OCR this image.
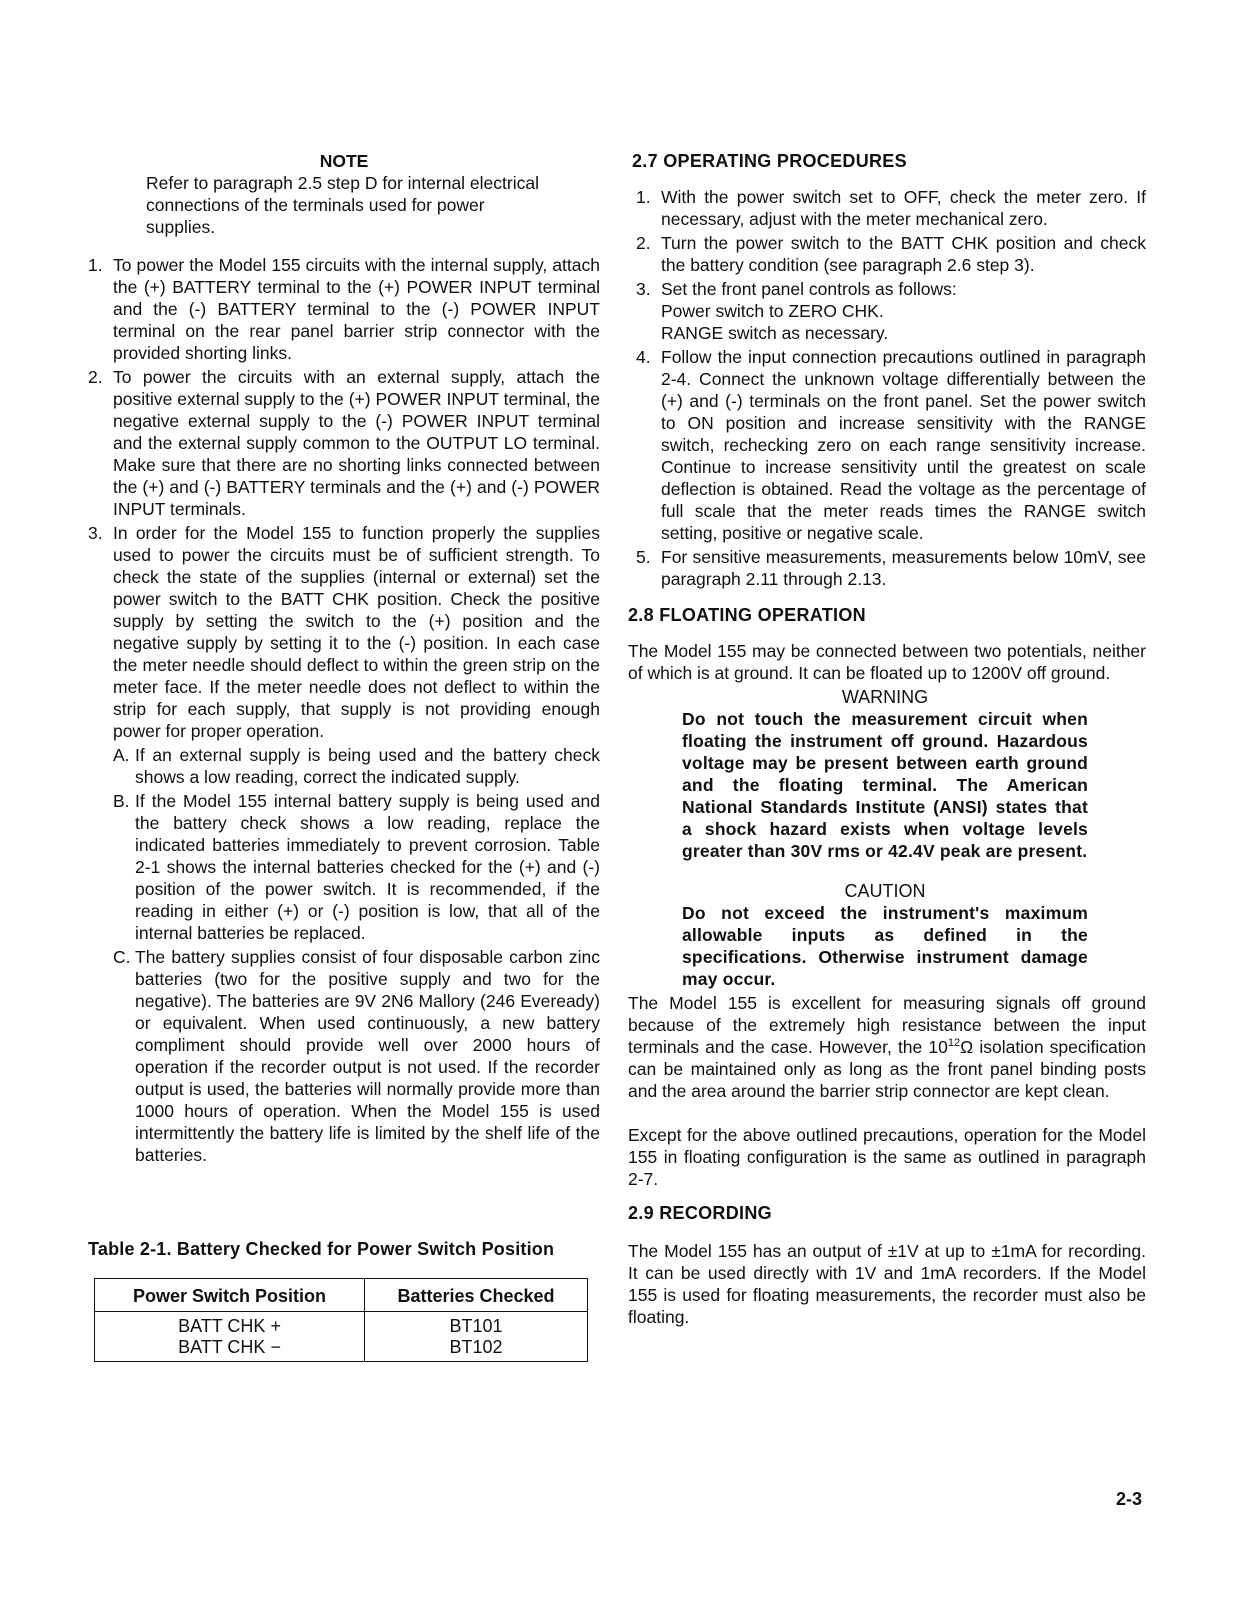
NOTE

Refer to paragraph 2.5 step D for internal electrical connections of the terminals used for power supplies.

1. To power the Model 155 circuits with the internal supply, attach the (+) BATTERY terminal to the (+) POWER INPUT terminal and the (-) BATTERY terminal to the (-) POWER INPUT terminal on the rear panel barrier strip connector with the provided shorting links.
2. To power the circuits with an external supply, attach the positive external supply to the (+) POWER INPUT terminal, the negative external supply to the (-) POWER INPUT terminal and the external supply common to the OUTPUT LO terminal. Make sure that there are no shorting links connected between the (+) and (-) BATTERY terminals and the (+) and (-) POWER INPUT terminals.
3. In order for the Model 155 to function properly the supplies used to power the circuits must be of sufficient strength. To check the state of the supplies (internal or external) set the power switch to the BATT CHK position. Check the positive supply by setting the switch to the (+) position and the negative supply by setting it to the (-) position. In each case the meter needle should deflect to within the green strip on the meter face. If the meter needle does not deflect to within the strip for each supply, that supply is not providing enough power for proper operation.
A. If an external supply is being used and the battery check shows a low reading, correct the indicated supply.
B. If the Model 155 internal battery supply is being used and the battery check shows a low reading, replace the indicated batteries immediately to prevent corrosion. Table 2-1 shows the internal batteries checked for the (+) and (-) position of the power switch. It is recommended, if the reading in either (+) or (-) position is low, that all of the internal batteries be replaced.
C. The battery supplies consist of four disposable carbon zinc batteries (two for the positive supply and two for the negative). The batteries are 9V 2N6 Mallory (246 Eveready) or equivalent. When used continuously, a new battery compliment should provide well over 2000 hours of operation if the recorder output is not used. If the recorder output is used, the batteries will normally provide more than 1000 hours of operation. When the Model 155 is used intermittently the battery life is limited by the shelf life of the batteries.

Table 2-1. Battery Checked for Power Switch Position

Power Switch Position	Batteries Checked
BATT CHK +	BT101
BATT CHK −	BT102
2.7 OPERATING PROCEDURES
1. With the power switch set to OFF, check the meter zero. If necessary, adjust with the meter mechanical zero.
2. Turn the power switch to the BATT CHK position and check the battery condition (see paragraph 2.6 step 3).
3. Set the front panel controls as follows:
Power switch to ZERO CHK.
RANGE switch as necessary.
4. Follow the input connection precautions outlined in paragraph 2-4. Connect the unknown voltage differentially between the (+) and (-) terminals on the front panel. Set the power switch to ON position and increase sensitivity with the RANGE switch, rechecking zero on each range sensitivity increase. Continue to increase sensitivity until the greatest on scale deflection is obtained. Read the voltage as the percentage of full scale that the meter reads times the RANGE switch setting, positive or negative scale.
5. For sensitive measurements, measurements below 10mV, see paragraph 2.11 through 2.13.
2.8 FLOATING OPERATION

The Model 155 may be connected between two potentials, neither of which is at ground. It can be floated up to 1200V off ground.

WARNING

Do not touch the measurement circuit when floating the instrument off ground. Hazardous voltage may be present between earth ground and the floating terminal. The American National Standards Institute (ANSI) states that a shock hazard exists when voltage levels greater than 30V rms or 42.4V peak are present.

CAUTION

Do not exceed the instrument's maximum allowable inputs as defined in the specifications. Otherwise instrument damage may occur.

The Model 155 is excellent for measuring signals off ground because of the extremely high resistance between the input terminals and the case. However, the $10^{12}\Omega$ isolation specification can be maintained only as long as the front panel binding posts and the area around the barrier strip connector are kept clean.

Except for the above outlined precautions, operation for the Model 155 in floating configuration is the same as outlined in paragraph 2-7.

2.9 RECORDING

The Model 155 has an output of ±1V at up to ±1mA for recording. It can be used directly with 1V and 1mA recorders. If the Model 155 is used for floating measurements, the recorder must also be floating.

2-3
